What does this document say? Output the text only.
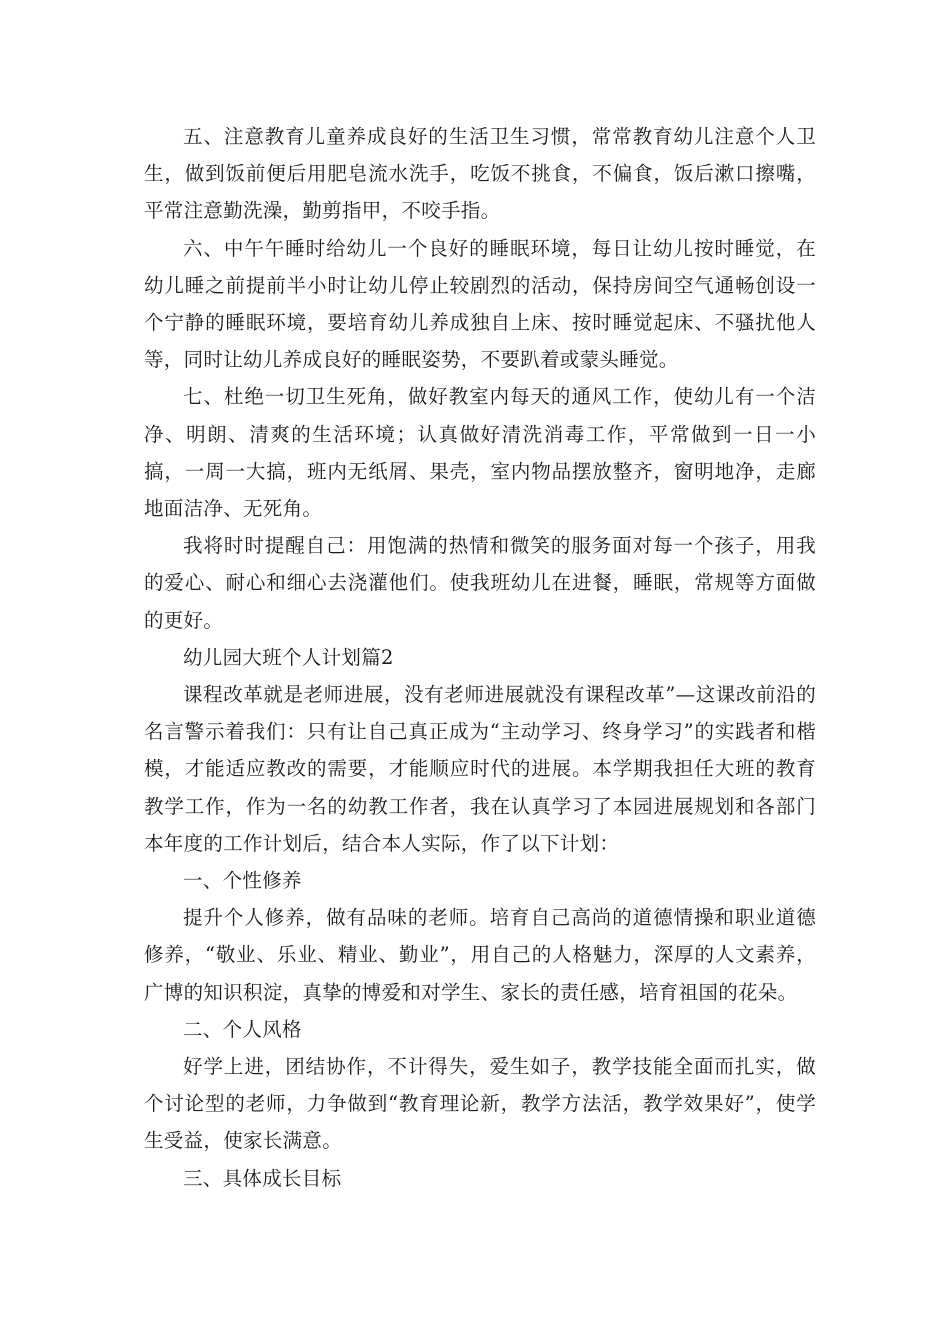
五、注意教育儿童养成良好的生活卫生习惯，常常教育幼儿注意个人卫生，做到饭前便后用肥皂流水洗手，吃饭不挑食，不偏食，饭后漱口擦嘴，平常注意勤洗澡，勤剪指甲，不咬手指。

六、中午午睡时给幼儿一个良好的睡眠环境，每日让幼儿按时睡觉，在幼儿睡之前提前半小时让幼儿停止较剧烈的活动，保持房间空气通畅创设一个宁静的睡眠环境，要培育幼儿养成独自上床、按时睡觉起床、不骚扰他人等，同时让幼儿养成良好的睡眠姿势，不要趴着或蒙头睡觉。

七、杜绝一切卫生死角，做好教室内每天的通风工作，使幼儿有一个洁净、明朗、清爽的生活环境；认真做好清洗消毒工作，平常做到一日一小搞，一周一大搞，班内无纸屑、果壳，室内物品摆放整齐，窗明地净，走廊地面洁净、无死角。

我将时时提醒自己：用饱满的热情和微笑的服务面对每一个孩子，用我的爱心、耐心和细心去浇灌他们。使我班幼儿在进餐，睡眠，常规等方面做的更好。

幼儿园大班个人计划篇2

课程改革就是老师进展，没有老师进展就没有课程改革”—这课改前沿的名言警示着我们：只有让自己真正成为“主动学习、终身学习”的实践者和楷模，才能适应教改的需要，才能顺应时代的进展。本学期我担任大班的教育教学工作，作为一名的幼教工作者，我在认真学习了本园进展规划和各部门本年度的工作计划后，结合本人实际，作了以下计划：

一、个性修养

提升个人修养，做有品味的老师。培育自己高尚的道德情操和职业道德修养，“敬业、乐业、精业、勤业”，用自己的人格魅力，深厚的人文素养，广博的知识积淀，真挚的博爱和对学生、家长的责任感，培育祖国的花朵。

二、个人风格

好学上进，团结协作，不计得失，爱生如子，教学技能全面而扎实，做个讨论型的老师，力争做到“教育理论新，教学方法活，教学效果好”，使学生受益，使家长满意。

三、具体成长目标
